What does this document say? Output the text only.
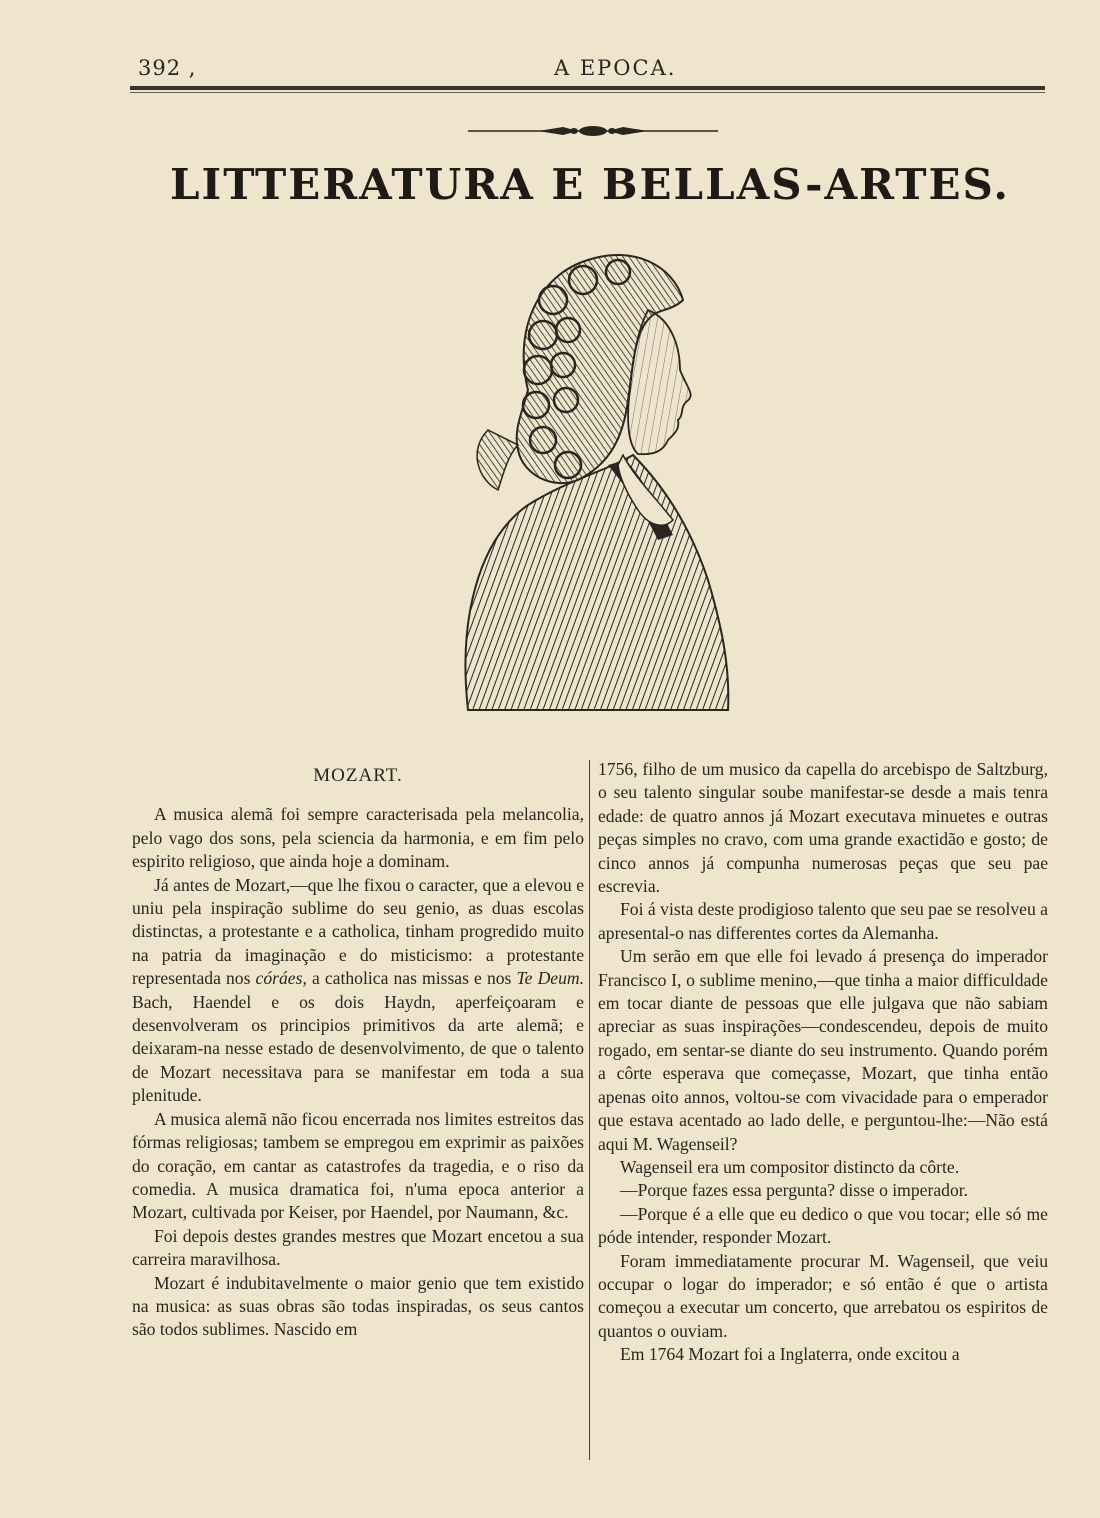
392 ,	A EPOCA.
LITTERATURA E BELLAS-ARTES.
MOZART.

A musica alemã foi sempre caracterisada pela melancolia, pelo vago dos sons, pela sciencia da harmonia, e em fim pelo espirito religioso, que ainda hoje a dominam.

Já antes de Mozart,—que lhe fixou o caracter, que a elevou e uniu pela inspiração sublime do seu genio, as duas escolas distinctas, a protestante e a catholica, tinham progredido muito na patria da imaginação e do misticismo: a protestante representada nos córáes, a catholica nas missas e nos Te Deum. Bach, Haendel e os dois Haydn, aperfeiçoaram e desenvolveram os principios primitivos da arte alemã; e deixaram-na nesse estado de desenvolvimento, de que o talento de Mozart necessitava para se manifestar em toda a sua plenitude.

A musica alemã não ficou encerrada nos limites estreitos das fórmas religiosas; tambem se empregou em exprimir as paixões do coração, em cantar as catastrofes da tragedia, e o riso da comedia. A musica dramatica foi, n'uma epoca anterior a Mozart, cultivada por Keiser, por Haendel, por Naumann, &c.

Foi depois destes grandes mestres que Mozart encetou a sua carreira maravilhosa.

Mozart é indubitavelmente o maior genio que tem existido na musica: as suas obras são todas inspiradas, os seus cantos são todos sublimes. Nascido em

1756, filho de um musico da capella do arcebispo de Saltzburg, o seu talento singular soube manifestar-se desde a mais tenra edade: de quatro annos já Mozart executava minuetes e outras peças simples no cravo, com uma grande exactidão e gosto; de cinco annos já compunha numerosas peças que seu pae escrevia.

Foi á vista deste prodigioso talento que seu pae se resolveu a apresental-o nas differentes cortes da Alemanha.

Um serão em que elle foi levado á presença do imperador Francisco I, o sublime menino,—que tinha a maior difficuldade em tocar diante de pessoas que elle julgava que não sabiam apreciar as suas inspirações—condescendeu, depois de muito rogado, em sentar-se diante do seu instrumento. Quando porém a côrte esperava que começasse, Mozart, que tinha então apenas oito annos, voltou-se com vivacidade para o emperador que estava acentado ao lado delle, e perguntou-lhe:—Não está aqui M. Wagenseil?

Wagenseil era um compositor distincto da côrte.

—Porque fazes essa pergunta? disse o imperador.

—Porque é a elle que eu dedico o que vou tocar; elle só me póde intender, responder Mozart.

Foram immediatamente procurar M. Wagenseil, que veiu occupar o logar do imperador; e só então é que o artista começou a executar um concerto, que arrebatou os espiritos de quantos o ouviam.

Em 1764 Mozart foi a Inglaterra, onde excitou a
